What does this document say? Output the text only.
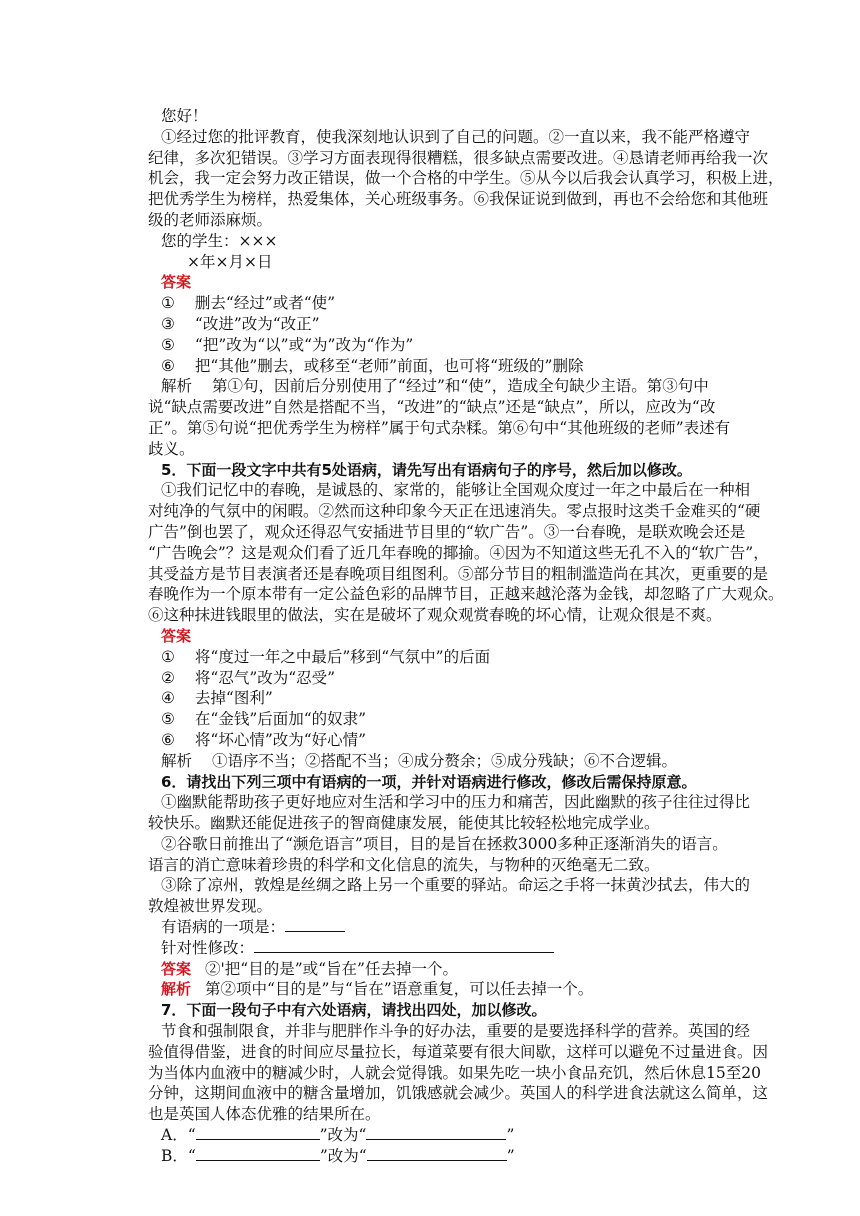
您好！
①经过您的批评教育，使我深刻地认识到了自己的问题。②一直以来，我不能严格遵守
纪律，多次犯错误。③学习方面表现得很糟糕，很多缺点需要改进。④恳请老师再给我一次
机会，我一定会努力改正错误，做一个合格的中学生。⑤从今以后我会认真学习，积极上进，
把优秀学生为榜样，热爱集体，关心班级事务。⑥我保证说到做到，再也不会给您和其他班
级的老师添麻烦。
您的学生：×××
×年×月×日
答案
① 删去“经过”或者“使”
③ “改进”改为“改正”
⑤ “把”改为“以”或“为”改为“作为”
⑥ 把“其他”删去，或移至“老师”前面，也可将“班级的”删除
解析 第①句，因前后分别使用了“经过”和“使”，造成全句缺少主语。第③句中
说“缺点需要改进”自然是搭配不当，“改进”的“缺点”还是“缺点”，所以，应改为“改
正”。第⑤句说“把优秀学生为榜样”属于句式杂糅。第⑥句中“其他班级的老师”表述有
歧义。
5．下面一段文字中共有5处语病，请先写出有语病句子的序号，然后加以修改。
①我们记忆中的春晚，是诚恳的、家常的，能够让全国观众度过一年之中最后在一种相
对纯净的气氛中的闲暇。②然而这种印象今天正在迅速消失。零点报时这类千金难买的“硬
广告”倒也罢了，观众还得忍气安插进节目里的“软广告”。③一台春晚，是联欢晚会还是
“广告晚会”？这是观众们看了近几年春晚的揶揄。④因为不知道这些无孔不入的“软广告”，
其受益方是节目表演者还是春晚项目组图利。⑤部分节目的粗制滥造尚在其次，更重要的是
春晚作为一个原本带有一定公益色彩的品牌节目，正越来越沦落为金钱，却忽略了广大观众。
⑥这种抹进钱眼里的做法，实在是破坏了观众观赏春晚的坏心情，让观众很是不爽。
答案
① 将“度过一年之中最后”移到“气氛中”的后面
② 将“忍气”改为“忍受”
④ 去掉“图利”
⑤ 在“金钱”后面加“的奴隶”
⑥ 将“坏心情”改为“好心情”
解析 ①语序不当；②搭配不当；④成分赘余；⑤成分残缺；⑥不合逻辑。
6．请找出下列三项中有语病的一项，并针对语病进行修改，修改后需保持原意。
①幽默能帮助孩子更好地应对生活和学习中的压力和痛苦，因此幽默的孩子往往过得比
较快乐。幽默还能促进孩子的智商健康发展，能使其比较轻松地完成学业。
②谷歌日前推出了“濒危语言”项目，目的是旨在拯救3000多种正逐渐消失的语言。
语言的消亡意味着珍贵的科学和文化信息的流失，与物种的灭绝毫无二致。
③除了凉州，敦煌是丝绸之路上另一个重要的驿站。命运之手将一抹黄沙拭去，伟大的
敦煌被世界发现。
有语病的一项是：
针对性修改：
答案 ②'把“目的是”或“旨在”任去掉一个。
解析 第②项中“目的是”与“旨在”语意重复，可以任去掉一个。
7．下面一段句子中有六处语病，请找出四处，加以修改。
节食和强制限食，并非与肥胖作斗争的好办法，重要的是要选择科学的营养。英国的经
验值得借鉴，进食的时间应尽量拉长，每道菜要有很大间歇，这样可以避免不过量进食。因
为当体内血液中的糖减少时，人就会觉得饿。如果先吃一块小食品充饥，然后休息15至20
分钟，这期间血液中的糖含量增加，饥饿感就会减少。英国人的科学进食法就这么简单，这
也是英国人体态优雅的结果所在。
A．“	”改为“	”
B．“	”改为“	”
